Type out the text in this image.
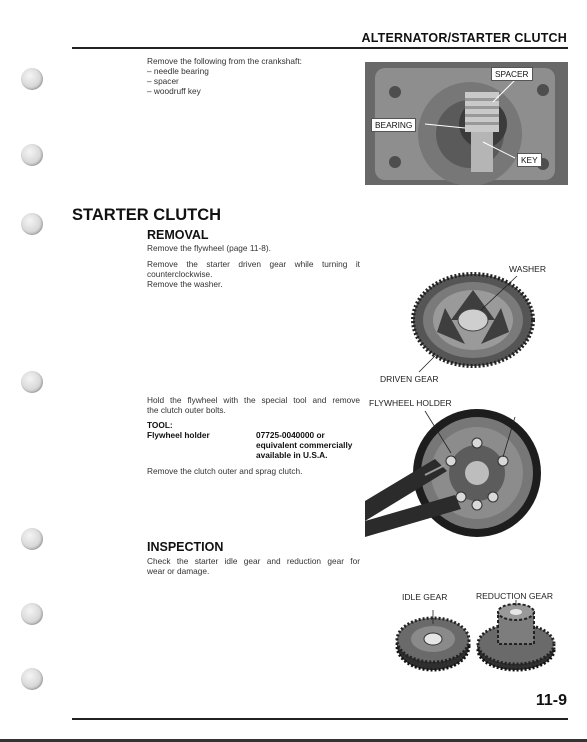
ALTERNATOR/STARTER CLUTCH
Remove the following from the crankshaft:
– needle bearing
– spacer
– woodruff key
SPACER
BEARING
KEY
STARTER CLUTCH
REMOVAL
Remove the flywheel (page 11-8).
Remove the starter driven gear while turning it
counterclockwise.
Remove the washer.
WASHER
DRIVEN GEAR
Hold the flywheel with the special tool and remove
the clutch outer bolts.
TOOL:
Flywheel holder	07725-0040000 or
equivalent commercially
available in U.S.A.
Remove the clutch outer and sprag clutch.
FLYWHEEL HOLDER
INSPECTION
Check the starter idle gear and reduction gear for
wear or damage.
IDLE GEAR	REDUCTION GEAR
11-9
